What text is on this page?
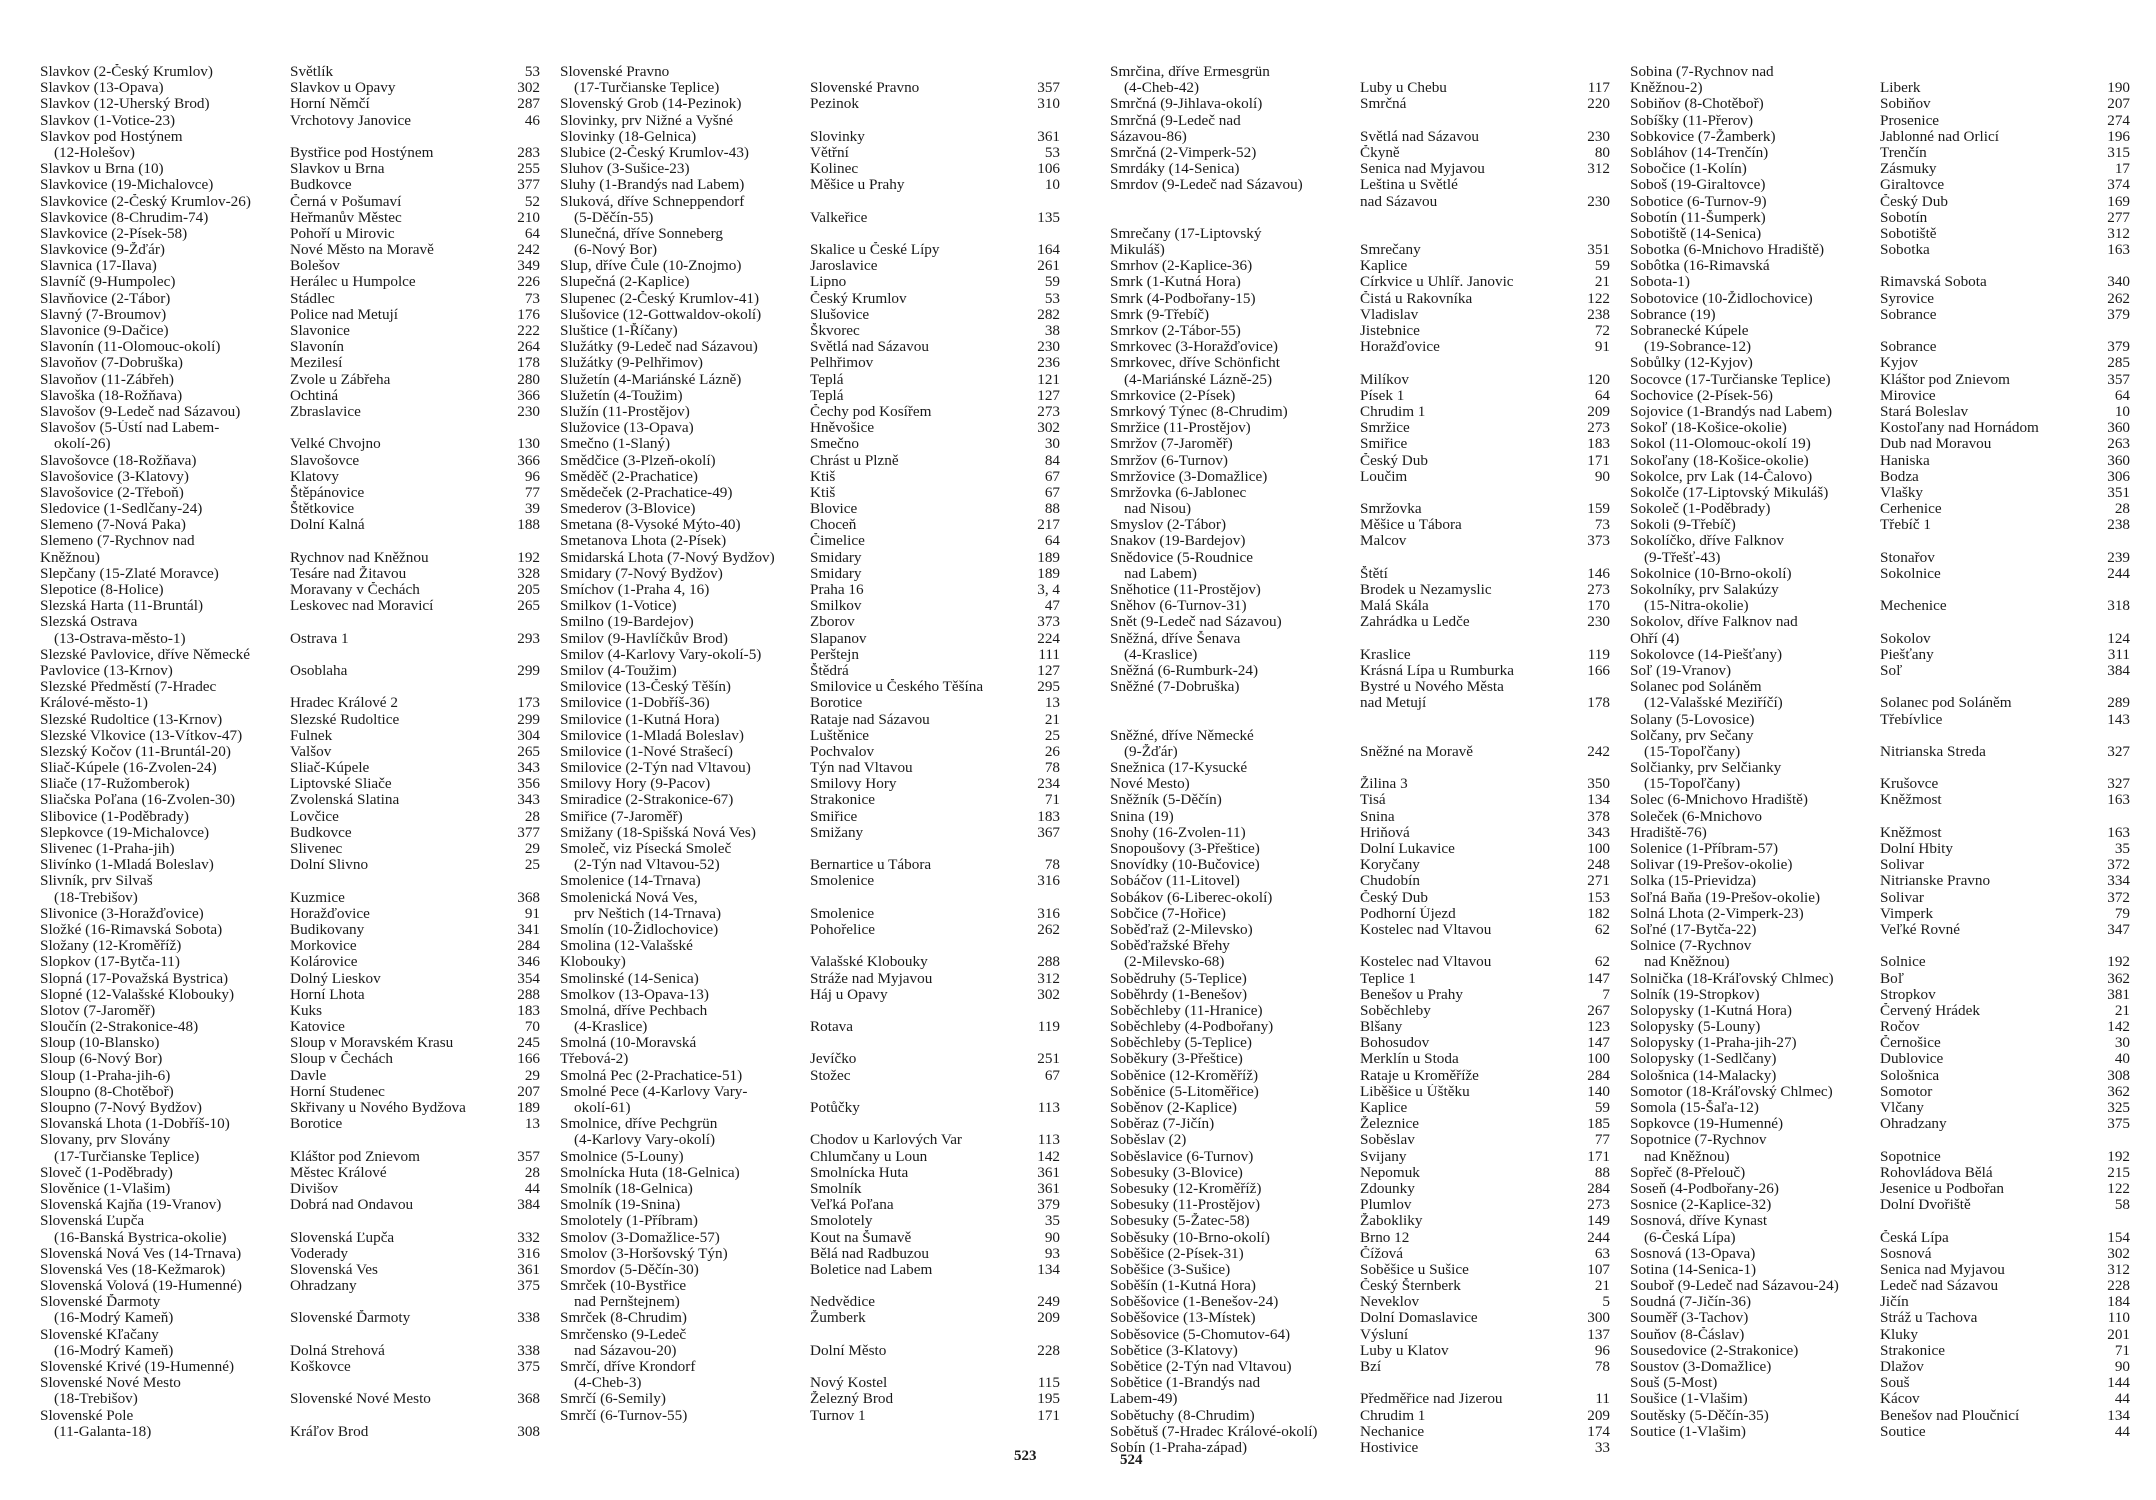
Slavkov (2-Český Krumlov)	Světlík	53
Slavkov (13-Opava)	Slavkov u Opavy	302
Slavkov (12-Uherský Brod)	Horní Němčí	287
Slavkov (1-Votice-23)	Vrchotovy Janovice	46
Slavkov pod Hostýnem
(12-Holešov)	Bystřice pod Hostýnem	283
Slavkov u Brna (10)	Slavkov u Brna	255
Slavkovice (19-Michalovce)	Budkovce	377
Slavkovice (2-Český Krumlov-26)	Černá v Pošumaví	52
Slavkovice (8-Chrudim-74)	Heřmanův Městec	210
Slavkovice (2-Písek-58)	Pohoří u Mirovic	64
Slavkovice (9-Žďár)	Nové Město na Moravě	242
Slavnica (17-Ilava)	Bolešov	349
Slavníč (9-Humpolec)	Herálec u Humpolce	226
Slavňovice (2-Tábor)	Stádlec	73
Slavný (7-Broumov)	Police nad Metují	176
Slavonice (9-Dačice)	Slavonice	222
Slavonín (11-Olomouc-okolí)	Slavonín	264
Slavoňov (7-Dobruška)	Mezilesí	178
Slavoňov (11-Zábřeh)	Zvole u Zábřeha	280
Slavoška (18-Rožňava)	Ochtiná	366
Slavošov (9-Ledeč nad Sázavou)	Zbraslavice	230
Slavošov (5-Ústí nad Labem-
okolí-26)	Velké Chvojno	130
Slavošovce (18-Rožňava)	Slavošovce	366
Slavošovice (3-Klatovy)	Klatovy	96
Slavošovice (2-Třeboň)	Štěpánovice	77
Sledovice (1-Sedlčany-24)	Štětkovice	39
Slemeno (7-Nová Paka)	Dolní Kalná	188
Slemeno (7-Rychnov nad
Kněžnou)	Rychnov nad Kněžnou	192
Slepčany (15-Zlaté Moravce)	Tesáre nad Žitavou	328
Slepotice (8-Holice)	Moravany v Čechách	205
Slezská Harta (11-Bruntál)	Leskovec nad Moravicí	265
Slezská Ostrava
(13-Ostrava-město-1)	Ostrava 1	293
Slezské Pavlovice, dříve Německé
Pavlovice (13-Krnov)	Osoblaha	299
Slezské Předměstí (7-Hradec
Králové-město-1)	Hradec Králové 2	173
Slezské Rudoltice (13-Krnov)	Slezské Rudoltice	299
Slezské Vlkovice (13-Vítkov-47)	Fulnek	304
Slezský Kočov (11-Bruntál-20)	Valšov	265
Sliač-Kúpele (16-Zvolen-24)	Sliač-Kúpele	343
Sliače (17-Ružomberok)	Liptovské Sliače	356
Sliačska Poľana (16-Zvolen-30)	Zvolenská Slatina	343
Slibovice (1-Poděbrady)	Lovčice	28
Slepkovce (19-Michalovce)	Budkovce	377
Slivenec (1-Praha-jih)	Slivenec	29
Slivínko (1-Mladá Boleslav)	Dolní Slivno	25
Slivník, prv Silvaš
(18-Trebišov)	Kuzmice	368
Slivonice (3-Horažďovice)	Horažďovice	91
Složké (16-Rimavská Sobota)	Budikovany	341
Složany (12-Kroměříž)	Morkovice	284
Slopkov (17-Bytča-11)	Kolárovice	346
Slopná (17-Považská Bystrica)	Dolný Lieskov	354
Slopné (12-Valašské Klobouky)	Horní Lhota	288
Slotov (7-Jaroměř)	Kuks	183
Sloučín (2-Strakonice-48)	Katovice	70
Sloup (10-Blansko)	Sloup v Moravském Krasu	245
Sloup (6-Nový Bor)	Sloup v Čechách	166
Sloup (1-Praha-jih-6)	Davle	29
Sloupno (8-Chotěboř)	Horní Studenec	207
Sloupno (7-Nový Bydžov)	Skřivany u Nového Bydžova	189
Slovanská Lhota (1-Dobříš-10)	Borotice	13
Slovany, prv Slovány
(17-Turčianske Teplice)	Kláštor pod Znievom	357
Sloveč (1-Poděbrady)	Městec Králové	28
Slověnice (1-Vlašim)	Divišov	44
Slovenská Kajňa (19-Vranov)	Dobrá nad Ondavou	384
Slovenská Ľupča
(16-Banská Bystrica-okolie)	Slovenská Ľupča	332
Slovenská Nová Ves (14-Trnava)	Voderady	316
Slovenská Ves (18-Kežmarok)	Slovenská Ves	361
Slovenská Volová (19-Humenné)	Ohradzany	375
Slovenské Ďarmoty
(16-Modrý Kameň)	Slovenské Ďarmoty	338
Slovenské Kľačany
(16-Modrý Kameň)	Dolná Strehová	338
Slovenské Krivé (19-Humenné)	Koškovce	375
Slovenské Nové Mesto
(18-Trebišov)	Slovenské Nové Mesto	368
Slovenské Pole
(11-Galanta-18)	Kráľov Brod	308
Slovenské Pravno
(17-Turčianske Teplice)	Slovenské Pravno	357
Slovenský Grob (14-Pezinok)	Pezinok	310
Slovinky, prv Nižné a Vyšné
Slovinky (18-Gelnica)	Slovinky	361
Slubice (2-Český Krumlov-43)	Větřní	53
Sluhov (3-Sušice-23)	Kolinec	106
Sluhy (1-Brandýs nad Labem)	Měšice u Prahy	10
Sluková, dříve Schneppendorf
(5-Děčín-55)	Valkeřice	135
Slunečná, dříve Sonneberg
(6-Nový Bor)	Skalice u České Lípy	164
Slup, dříve Čule (10-Znojmo)	Jaroslavice	261
Slupečná (2-Kaplice)	Lipno	59
Slupenec (2-Český Krumlov-41)	Český Krumlov	53
Slušovice (12-Gottwaldov-okolí)	Slušovice	282
Sluštice (1-Říčany)	Škvorec	38
Služátky (9-Ledeč nad Sázavou)	Světlá nad Sázavou	230
Služátky (9-Pelhřimov)	Pelhřimov	236
Služetín (4-Mariánské Lázně)	Teplá	121
Služetín (4-Toužim)	Teplá	127
Služín (11-Prostějov)	Čechy pod Kosířem	273
Služovice (13-Opava)	Hněvošice	302
Smečno (1-Slaný)	Smečno	30
Smědčice (3-Plzeň-okolí)	Chrást u Plzně	84
Směděč (2-Prachatice)	Ktiš	67
Smědeček (2-Prachatice-49)	Ktiš	67
Smederov (3-Blovice)	Blovice	88
Smetana (8-Vysoké Mýto-40)	Choceň	217
Smetanova Lhota (2-Písek)	Čimelice	64
Smidarská Lhota (7-Nový Bydžov)	Smidary	189
Smidary (7-Nový Bydžov)	Smidary	189
Smíchov (1-Praha 4, 16)	Praha 16	3, 4
Smilkov (1-Votice)	Smilkov	47
Smilno (19-Bardejov)	Zborov	373
Smilov (9-Havlíčkův Brod)	Slapanov	224
Smilov (4-Karlovy Vary-okolí-5)	Perštejn	111
Smilov (4-Toužim)	Štědrá	127
Smilovice (13-Český Těšín)	Smilovice u Českého Těšína	295
Smilovice (1-Dobříš-36)	Borotice	13
Smilovice (1-Kutná Hora)	Rataje nad Sázavou	21
Smilovice (1-Mladá Boleslav)	Luštěnice	25
Smilovice (1-Nové Strašecí)	Pochvalov	26
Smilovice (2-Týn nad Vltavou)	Týn nad Vltavou	78
Smilovy Hory (9-Pacov)	Smilovy Hory	234
Smiradice (2-Strakonice-67)	Strakonice	71
Smiřice (7-Jaroměř)	Smiřice	183
Smižany (18-Spišská Nová Ves)	Smižany	367
Smoleč, viz Písecká Smoleč
(2-Týn nad Vltavou-52)	Bernartice u Tábora	78
Smolenice (14-Trnava)	Smolenice	316
Smolenická Nová Ves,
prv Neštich (14-Trnava)	Smolenice	316
Smolín (10-Židlochovice)	Pohořelice	262
Smolina (12-Valašské
Klobouky)	Valašské Klobouky	288
Smolinské (14-Senica)	Stráže nad Myjavou	312
Smolkov (13-Opava-13)	Háj u Opavy	302
Smolná, dříve Pechbach
(4-Kraslice)	Rotava	119
Smolná (10-Moravská
Třebová-2)	Jevíčko	251
Smolná Pec (2-Prachatice-51)	Stožec	67
Smolné Pece (4-Karlovy Vary-
okolí-61)	Potůčky	113
Smolnice, dříve Pechgrün
(4-Karlovy Vary-okolí)	Chodov u Karlových Var	113
Smolnice (5-Louny)	Chlumčany u Loun	142
Smolnícka Huta (18-Gelnica)	Smolnícka Huta	361
Smolník (18-Gelnica)	Smolník	361
Smolník (19-Snina)	Veľká Poľana	379
Smolotely (1-Příbram)	Smolotely	35
Smolov (3-Domažlice-57)	Kout na Šumavě	90
Smolov (3-Horšovský Týn)	Bělá nad Radbuzou	93
Smordov (5-Děčín-30)	Boletice nad Labem	134
Smrček (10-Bystřice
nad Pernštejnem)	Nedvědice	249
Smrček (8-Chrudim)	Žumberk	209
Smrčensko (9-Ledeč
nad Sázavou-20)	Dolní Město	228
Smrčí, dříve Krondorf
(4-Cheb-3)	Nový Kostel	115
Smrčí (6-Semily)	Železný Brod	195
Smrčí (6-Turnov-55)	Turnov 1	171
Smrčina, dříve Ermesgrün
(4-Cheb-42)	Luby u Chebu	117
Smrčná (9-Jihlava-okolí)	Smrčná	220
Smrčná (9-Ledeč nad
Sázavou-86)	Světlá nad Sázavou	230
Smrčná (2-Vimperk-52)	Čkyně	80
Smrdáky (14-Senica)	Senica nad Myjavou	312
Smrdov (9-Ledeč nad Sázavou)	Leština u Světlé
nad Sázavou	230
Smrečany (17-Liptovský
Mikuláš)	Smrečany	351
Smrhov (2-Kaplice-36)	Kaplice	59
Smrk (1-Kutná Hora)	Církvice u Uhlíř. Janovic	21
Smrk (4-Podbořany-15)	Čistá u Rakovníka	122
Smrk (9-Třebíč)	Vladislav	238
Smrkov (2-Tábor-55)	Jistebnice	72
Smrkovec (3-Horažďovice)	Horažďovice	91
Smrkovec, dříve Schönficht
(4-Mariánské Lázně-25)	Milíkov	120
Smrkovice (2-Písek)	Písek 1	64
Smrkový Týnec (8-Chrudim)	Chrudim 1	209
Smržice (11-Prostějov)	Smržice	273
Smržov (7-Jaroměř)	Smiřice	183
Smržov (6-Turnov)	Český Dub	171
Smržovice (3-Domažlice)	Loučim	90
Smržovka (6-Jablonec
nad Nisou)	Smržovka	159
Smyslov (2-Tábor)	Měšice u Tábora	73
Snakov (19-Bardejov)	Malcov	373
Snědovice (5-Roudnice
nad Labem)	Štětí	146
Sněhotice (11-Prostějov)	Brodek u Nezamyslic	273
Sněhov (6-Turnov-31)	Malá Skála	170
Snět (9-Ledeč nad Sázavou)	Zahrádka u Ledče	230
Sněžná, dříve Šenava
(4-Kraslice)	Kraslice	119
Sněžná (6-Rumburk-24)	Krásná Lípa u Rumburka	166
Sněžné (7-Dobruška)	Bystré u Nového Města
nad Metují	178
Sněžné, dříve Německé
(9-Žďár)	Sněžné na Moravě	242
Snežnica (17-Kysucké
Nové Mesto)	Žilina 3	350
Sněžník (5-Děčín)	Tisá	134
Snina (19)	Snina	378
Snohy (16-Zvolen-11)	Hriňová	343
Snopoušovy (3-Přeštice)	Dolní Lukavice	100
Snovídky (10-Bučovice)	Koryčany	248
Sobáčov (11-Litovel)	Chudobín	271
Sobákov (6-Liberec-okolí)	Český Dub	153
Sobčice (7-Hořice)	Podhorní Újezd	182
Soběďraž (2-Milevsko)	Kostelec nad Vltavou	62
Soběďražské Břehy
(2-Milevsko-68)	Kostelec nad Vltavou	62
Sobědruhy (5-Teplice)	Teplice 1	147
Soběhrdy (1-Benešov)	Benešov u Prahy	7
Soběchleby (11-Hranice)	Soběchleby	267
Soběchleby (4-Podbořany)	Blšany	123
Soběchleby (5-Teplice)	Bohosudov	147
Soběkury (3-Přeštice)	Merklín u Stoda	100
Soběnice (12-Kroměříž)	Rataje u Kroměříže	284
Soběnice (5-Litoměřice)	Liběšice u Úštěku	140
Soběnov (2-Kaplice)	Kaplice	59
Soběraz (7-Jičín)	Železnice	185
Soběslav (2)	Soběslav	77
Soběslavice (6-Turnov)	Svijany	171
Sobesuky (3-Blovice)	Nepomuk	88
Sobesuky (12-Kroměříž)	Zdounky	284
Sobesuky (11-Prostějov)	Plumlov	273
Sobesuky (5-Žatec-58)	Žabokliky	149
Soběsuky (10-Brno-okolí)	Brno 12	244
Soběšice (2-Písek-31)	Čížová	63
Soběšice (3-Sušice)	Soběšice u Sušice	107
Soběšín (1-Kutná Hora)	Český Šternberk	21
Soběšovice (1-Benešov-24)	Neveklov	5
Soběšovice (13-Místek)	Dolní Domaslavice	300
Soběsovice (5-Chomutov-64)	Výsluní	137
Sobětice (3-Klatovy)	Luby u Klatov	96
Sobětice (2-Týn nad Vltavou)	Bzí	78
Sobětice (1-Brandýs nad
Labem-49)	Předměřice nad Jizerou	11
Sobětuchy (8-Chrudim)	Chrudim 1	209
Sobětuš (7-Hradec Králové-okolí)	Nechanice	174
Sobín (1-Praha-západ)	Hostivice	33
Sobina (7-Rychnov nad
Kněžnou-2)	Liberk	190
Sobiňov (8-Chotěboř)	Sobiňov	207
Sobíšky (11-Přerov)	Prosenice	274
Sobkovice (7-Žamberk)	Jablonné nad Orlicí	196
Sobláhov (14-Trenčín)	Trenčín	315
Sobočice (1-Kolín)	Zásmuky	17
Soboš (19-Giraltovce)	Giraltovce	374
Sobotice (6-Turnov-9)	Český Dub	169
Sobotín (11-Šumperk)	Sobotín	277
Sobotiště (14-Senica)	Sobotiště	312
Sobotka (6-Mnichovo Hradiště)	Sobotka	163
Sobôtka (16-Rimavská
Sobota-1)	Rimavská Sobota	340
Sobotovice (10-Židlochovice)	Syrovice	262
Sobrance (19)	Sobrance	379
Sobranecké Kúpele
(19-Sobrance-12)	Sobrance	379
Sobůlky (12-Kyjov)	Kyjov	285
Socovce (17-Turčianske Teplice)	Kláštor pod Znievom	357
Sochovice (2-Písek-56)	Mirovice	64
Sojovice (1-Brandýs nad Labem)	Stará Boleslav	10
Sokoľ (18-Košice-okolie)	Kostoľany nad Hornádom	360
Sokol (11-Olomouc-okolí 19)	Dub nad Moravou	263
Sokoľany (18-Košice-okolie)	Haniska	360
Sokolce, prv Lak (14-Čalovo)	Bodza	306
Sokolče (17-Liptovský Mikuláš)	Vlašky	351
Sokoleč (1-Poděbrady)	Cerhenice	28
Sokoli (9-Třebíč)	Třebíč 1	238
Sokolíčko, dříve Falknov
(9-Třešť-43)	Stonařov	239
Sokolnice (10-Brno-okolí)	Sokolnice	244
Sokolníky, prv Salakúzy
(15-Nitra-okolie)	Mechenice	318
Sokolov, dříve Falknov nad
Ohří (4)	Sokolov	124
Sokolovce (14-Piešťany)	Piešťany	311
Soľ (19-Vranov)	Soľ	384
Solanec pod Soláněm
(12-Valašské Meziříčí)	Solanec pod Soláněm	289
Solany (5-Lovosice)	Třebívlice	143
Solčany, prv Sečany
(15-Topoľčany)	Nitrianska Streda	327
Solčianky, prv Selčianky
(15-Topoľčany)	Krušovce	327
Solec (6-Mnichovo Hradiště)	Kněžmost	163
Soleček (6-Mnichovo
Hradiště-76)	Kněžmost	163
Solenice (1-Příbram-57)	Dolní Hbity	35
Solivar (19-Prešov-okolie)	Solivar	372
Solka (15-Prievidza)	Nitrianske Pravno	334
Soľná Baňa (19-Prešov-okolie)	Solivar	372
Solná Lhota (2-Vimperk-23)	Vimperk	79
Soľné (17-Bytča-22)	Veľké Rovné	347
Solnice (7-Rychnov
nad Kněžnou)	Solnice	192
Solnička (18-Kráľovský Chlmec)	Boľ	362
Solník (19-Stropkov)	Stropkov	381
Solopysky (1-Kutná Hora)	Červený Hrádek	21
Solopysky (5-Louny)	Ročov	142
Solopysky (1-Praha-jih-27)	Černošice	30
Solopysky (1-Sedlčany)	Dublovice	40
Sološnica (14-Malacky)	Sološnica	308
Somotor (18-Kráľovský Chlmec)	Somotor	362
Somola (15-Šaľa-12)	Vlčany	325
Sopkovce (19-Humenné)	Ohradzany	375
Sopotnice (7-Rychnov
nad Kněžnou)	Sopotnice	192
Sopřeč (8-Přelouč)	Rohovládova Bělá	215
Soseň (4-Podbořany-26)	Jesenice u Podbořan	122
Sosnice (2-Kaplice-32)	Dolní Dvořiště	58
Sosnová, dříve Kynast
(6-Česká Lípa)	Česká Lípa	154
Sosnová (13-Opava)	Sosnová	302
Sotina (14-Senica-1)	Senica nad Myjavou	312
Souboř (9-Ledeč nad Sázavou-24)	Ledeč nad Sázavou	228
Soudná (7-Jičín-36)	Jičín	184
Souměř (3-Tachov)	Stráž u Tachova	110
Souňov (8-Čáslav)	Kluky	201
Sousedovice (2-Strakonice)	Strakonice	71
Soustov (3-Domažlice)	Dlažov	90
Souš (5-Most)	Souš	144
Soušice (1-Vlašim)	Kácov	44
Soutěsky (5-Děčín-35)	Benešov nad Ploučnicí	134
Soutice (1-Vlašim)	Soutice	44
523	524
